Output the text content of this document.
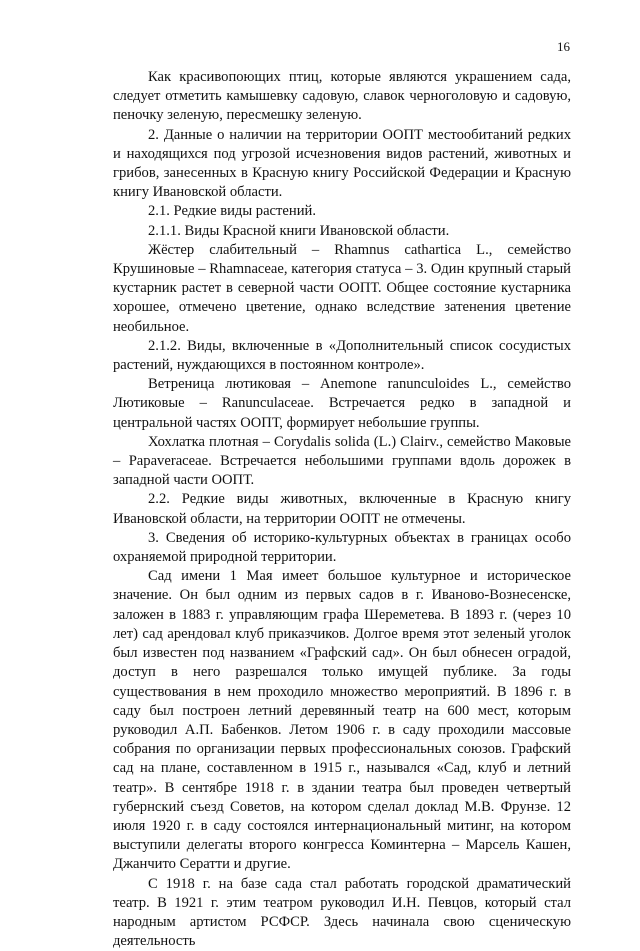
16

Как красивопоющих птиц, которые являются украшением сада, следует отметить камышевку садовую, славок черноголовую и садовую, пеночку зеленую, пересмешку зеленую.

2. Данные о наличии на территории ООПТ местообитаний редких и находящихся под угрозой исчезновения видов растений, животных и грибов, занесенных в Красную книгу Российской Федерации и Красную книгу Ивановской области.

2.1. Редкие виды растений.

2.1.1. Виды Красной книги Ивановской области.

Жёстер слабительный – Rhamnus cathartica L., семейство Крушиновые – Rhamnaceae, категория статуса – 3. Один крупный старый кустарник растет в северной части ООПТ. Общее состояние кустарника хорошее, отмечено цветение, однако вследствие затенения цветение необильное.

2.1.2. Виды, включенные в «Дополнительный список сосудистых растений, нуждающихся в постоянном контроле».

Ветреница лютиковая – Anemone ranunculoides L., семейство Лютиковые – Ranunculaceae. Встречается редко в западной и центральной частях ООПТ, формирует небольшие группы.

Хохлатка плотная – Corydalis solida (L.) Clairv., семейство Маковые – Papaveraceae. Встречается небольшими группами вдоль дорожек в западной части ООПТ.

2.2. Редкие виды животных, включенные в Красную книгу Ивановской области, на территории ООПТ не отмечены.

3. Сведения об историко-культурных объектах в границах особо охраняемой природной территории.

Сад имени 1 Мая имеет большое культурное и историческое значение. Он был одним из первых садов в г. Иваново-Вознесенске, заложен в 1883 г. управляющим графа Шереметева. В 1893 г. (через 10 лет) сад арендовал клуб приказчиков. Долгое время этот зеленый уголок был известен под названием «Графский сад». Он был обнесен оградой, доступ в него разрешался только имущей публике. За годы существования в нем проходило множество мероприятий. В 1896 г. в саду был построен летний деревянный театр на 600 мест, которым руководил А.П. Бабенков. Летом 1906 г. в саду проходили массовые собрания по организации первых профессиональных союзов. Графский сад на плане, составленном в 1915 г., назывался «Сад, клуб и летний театр». В сентябре 1918 г. в здании театра был проведен четвертый губернский съезд Советов, на котором сделал доклад М.В. Фрунзе. 12 июля 1920 г. в саду состоялся интернациональный митинг, на котором выступили делегаты второго конгресса Коминтерна – Марсель Кашен, Джанчито Сератти и другие.

С 1918 г. на базе сада стал работать городской драматический театр. В 1921 г. этим театром руководил И.Н. Певцов, который стал народным артистом РСФСР. Здесь начинала свою сценическую деятельность
